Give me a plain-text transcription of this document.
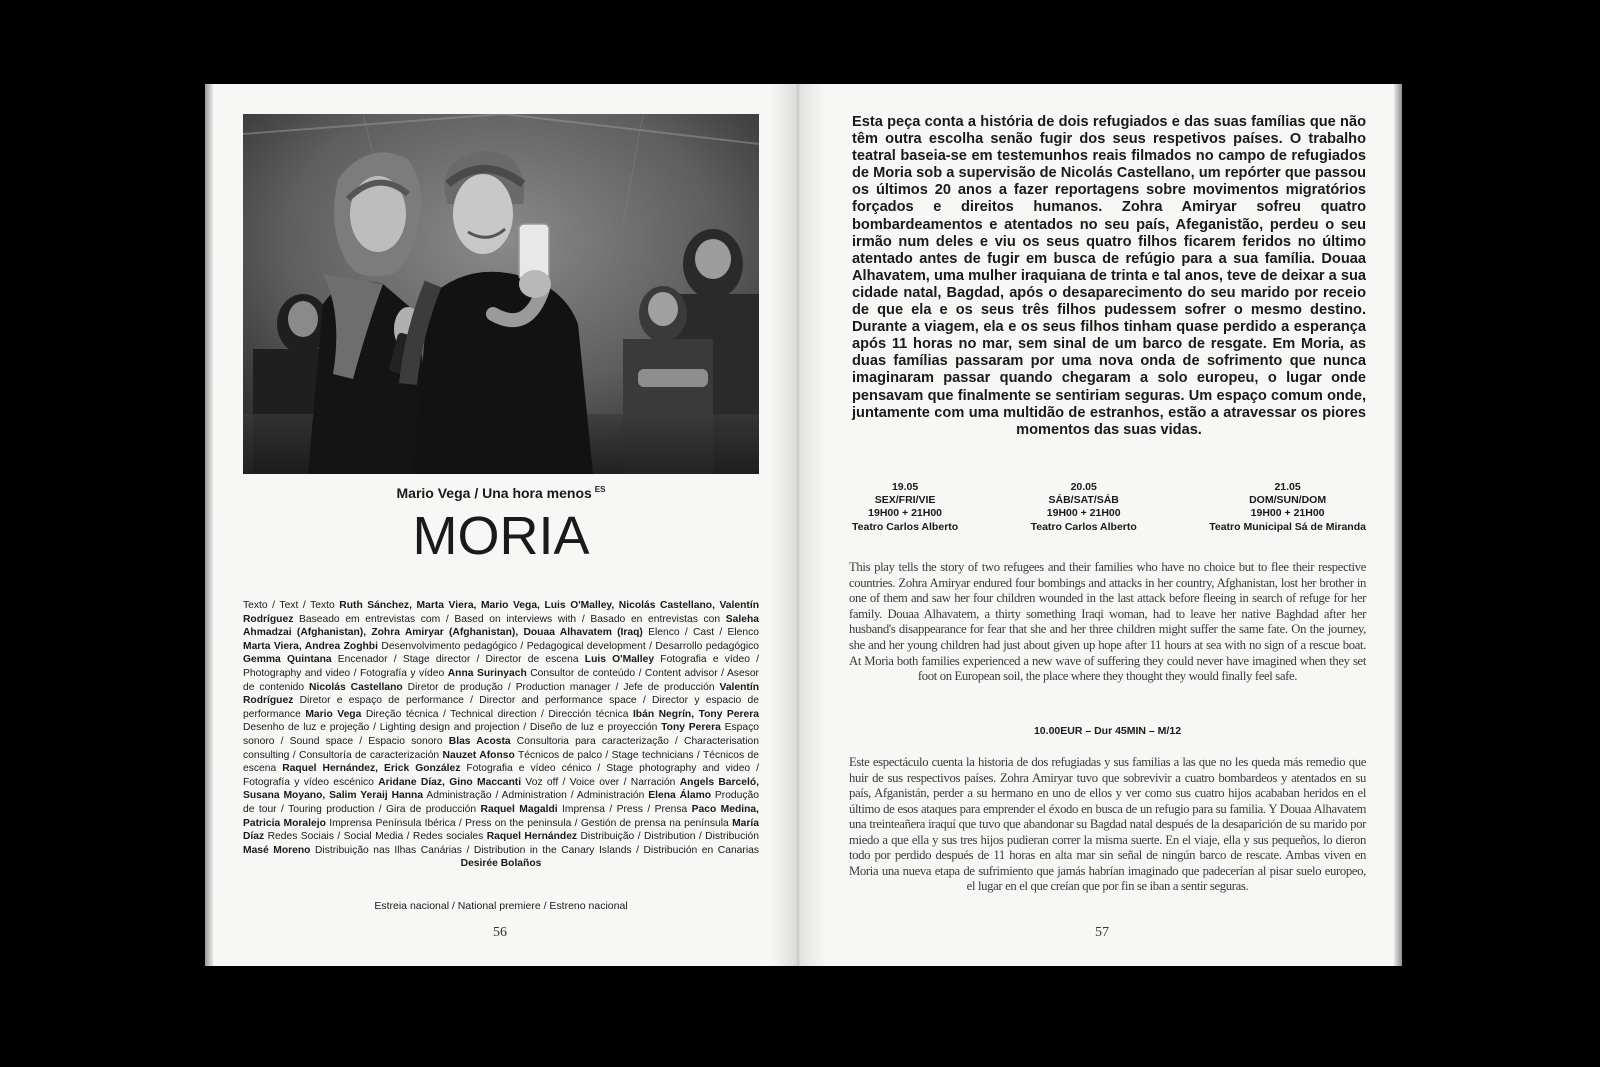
Mario Vega / Una hora menos $^{ES}$
MORIA
Texto / Text / Texto Ruth Sánchez, Marta Viera, Mario Vega, Luis O'Malley, Nicolás Castellano, Valentín Rodríguez Baseado em entrevistas com / Based on interviews with / Basado en entrevistas con Saleha Ahmadzai (Afghanistan), Zohra Amiryar (Afghanistan), Douaa Alhavatem (Iraq) Elenco / Cast / Elenco Marta Viera, Andrea Zoghbi Desenvolvimento pedagógico / Pedagogical development / Desarrollo pedagógico Gemma Quintana Encenador / Stage director / Director de escena Luis O'Malley Fotografia e vídeo / Photography and video / Fotografía y vídeo Anna Surinyach Consultor de conteúdo / Content advisor / Asesor de contenido Nicolás Castellano Diretor de produção / Production manager / Jefe de producción Valentín Rodríguez Diretor e espaço de performance / Director and performance space / Director y espacio de performance Mario Vega Direção técnica / Technical direction / Dirección técnica Ibán Negrín, Tony Perera Desenho de luz e projeção / Lighting design and projection / Diseño de luz e proyección Tony Perera Espaço sonoro / Sound space / Espacio sonoro Blas Acosta Consultoria para caracterização / Characterisation consulting / Consultoría de caracterización Nauzet Afonso Técnicos de palco / Stage technicians / Técnicos de escena Raquel Hernández, Erick González Fotografia e vídeo cénico / Stage photography and video / Fotografía y vídeo escénico Aridane Díaz, Gino Maccanti Voz off / Voice over / Narración Angels Barceló, Susana Moyano, Salim Yeraij Hanna Administração / Administration / Administración Elena Álamo Produção de tour / Touring production / Gira de producción Raquel Magaldi Imprensa / Press / Prensa Paco Medina, Patricia Moralejo Imprensa Península Ibérica / Press on the peninsula / Gestión de prensa na península María Díaz Redes Sociais / Social Media / Redes sociales Raquel Hernández Distribuição / Distribution / Distribución Masé Moreno Distribuição nas Ilhas Canárias / Distribution in the Canary Islands / Distribución en Canarias Desirée Bolaños
Estreia nacional / National premiere / Estreno nacional
56
Esta peça conta a história de dois refugiados e das suas famílias que não têm outra escolha senão fugir dos seus respetivos países. O trabalho teatral baseia-se em testemunhos reais filmados no campo de refugiados de Moria sob a supervisão de Nicolás Castellano, um repórter que passou os últimos 20 anos a fazer reportagens sobre movimentos migratórios forçados e direitos humanos. Zohra Amiryar sofreu quatro bombardeamentos e atentados no seu país, Afeganistão, perdeu o seu irmão num deles e viu os seus quatro filhos ficarem feridos no último atentado antes de fugir em busca de refúgio para a sua família. Douaa Alhavatem, uma mulher iraquiana de trinta e tal anos, teve de deixar a sua cidade natal, Bagdad, após o desaparecimento do seu marido por receio de que ela e os seus três filhos pudessem sofrer o mesmo destino. Durante a viagem, ela e os seus filhos tinham quase perdido a esperança após 11 horas no mar, sem sinal de um barco de resgate. Em Moria, as duas famílias passaram por uma nova onda de sofrimento que nunca imaginaram passar quando chegaram a solo europeu, o lugar onde pensavam que finalmente se sentiriam seguras. Um espaço comum onde, juntamente com uma multidão de estranhos, estão a atravessar os piores momentos das suas vidas.
19.05
SEX/FRI/VIE
19H00 + 21H00
Teatro Carlos Alberto
20.05
SÁB/SAT/SÁB
19H00 + 21H00
Teatro Carlos Alberto
21.05
DOM/SUN/DOM
19H00 + 21H00
Teatro Municipal Sá de Miranda
This play tells the story of two refugees and their families who have no choice but to flee their respective countries. Zohra Amiryar endured four bombings and attacks in her country, Afghanistan, lost her brother in one of them and saw her four children wounded in the last attack before fleeing in search of refuge for her family. Douaa Alhavatem, a thirty something Iraqi woman, had to leave her native Baghdad after her husband's disappearance for fear that she and her three children might suffer the same fate. On the journey, she and her young children had just about given up hope after 11 hours at sea with no sign of a rescue boat. At Moria both families experienced a new wave of suffering they could never have imagined when they set foot on European soil, the place where they thought they would finally feel safe.
10.00EUR – Dur 45MIN – M/12
Este espectáculo cuenta la historia de dos refugiadas y sus familias a las que no les queda más remedio que huir de sus respectivos países. Zohra Amiryar tuvo que sobrevivir a cuatro bombardeos y atentados en su país, Afganistán, perder a su hermano en uno de ellos y ver como sus cuatro hijos acababan heridos en el último de esos ataques para emprender el éxodo en busca de un refugio para su familia. Y Douaa Alhavatem una treinteañera iraquí que tuvo que abandonar su Bagdad natal después de la desaparición de su marido por miedo a que ella y sus tres hijos pudieran correr la misma suerte. En el viaje, ella y sus pequeños, lo dieron todo por perdido después de 11 horas en alta mar sin señal de ningún barco de rescate. Ambas viven en Moria una nueva etapa de sufrimiento que jamás habrían imaginado que padecerían al pisar suelo europeo, el lugar en el que creían que por fin se iban a sentir seguras.
57
